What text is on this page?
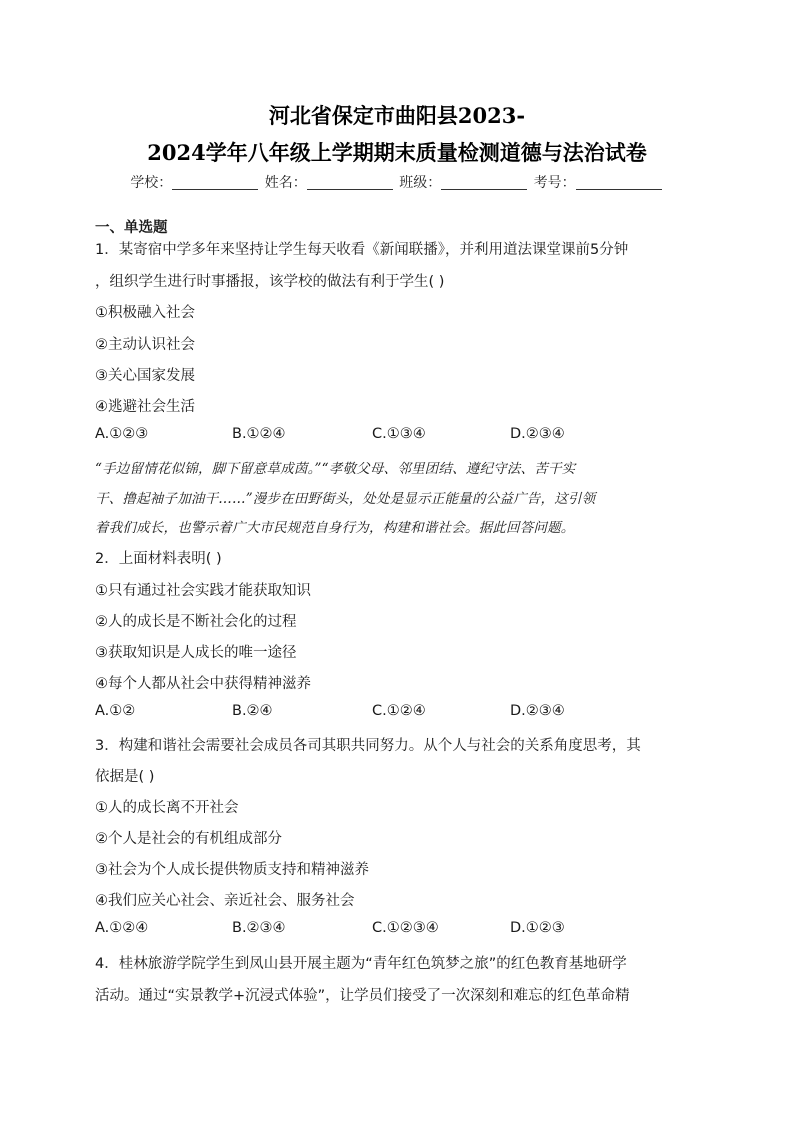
河北省保定市曲阳县2023-
2024学年八年级上学期期末质量检测道德与法治试卷
学校：	姓名：	班级：	考号：
一、单选题
1．某寄宿中学多年来坚持让学生每天收看《新闻联播》，并利用道法课堂课前5分钟
，组织学生进行时事播报，该学校的做法有利于学生( )
①积极融入社会
②主动认识社会
③关心国家发展
④逃避社会生活
A.①②③	B.①②④	C.①③④	D.②③④
“手边留情花似锦，脚下留意草成茵。”“孝敬父母、邻里团结、遵纪守法、苦干实
干、撸起袖子加油干……”漫步在田野街头，处处是显示正能量的公益广告，这引领
着我们成长，也警示着广大市民规范自身行为，构建和谐社会。据此回答问题。
2．上面材料表明( )
①只有通过社会实践才能获取知识
②人的成长是不断社会化的过程
③获取知识是人成长的唯一途径
④每个人都从社会中获得精神滋养
A.①②	B.②④	C.①②④	D.②③④
3．构建和谐社会需要社会成员各司其职共同努力。从个人与社会的关系角度思考，其
依据是( )
①人的成长离不开社会
②个人是社会的有机组成部分
③社会为个人成长提供物质支持和精神滋养
④我们应关心社会、亲近社会、服务社会
A.①②④	B.②③④	C.①②③④	D.①②③
4．桂林旅游学院学生到凤山县开展主题为“青年红色筑梦之旅”的红色教育基地研学
活动。通过“实景教学+沉浸式体验”，让学员们接受了一次深刻和难忘的红色革命精
